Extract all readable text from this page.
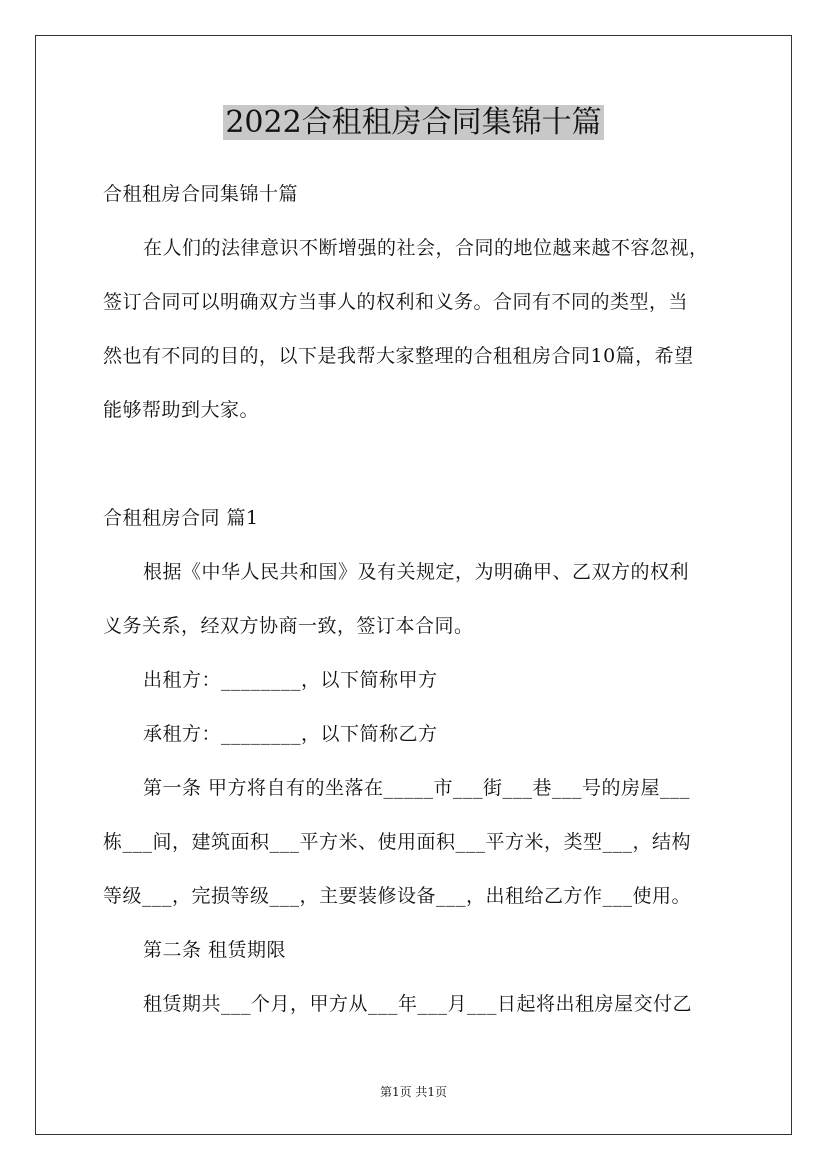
2022合租租房合同集锦十篇
合租租房合同集锦十篇
在人们的法律意识不断增强的社会，合同的地位越来越不容忽视，
签订合同可以明确双方当事人的权利和义务。合同有不同的类型，当
然也有不同的目的，以下是我帮大家整理的合租租房合同10篇，希望
能够帮助到大家。
合租租房合同 篇1
根据《中华人民共和国》及有关规定，为明确甲、乙双方的权利
义务关系，经双方协商一致，签订本合同。
出租方：________，以下简称甲方
承租方：________，以下简称乙方
第一条 甲方将自有的坐落在_____市___街___巷___号的房屋___
栋___间，建筑面积___平方米、使用面积___平方米，类型___，结构
等级___，完损等级___，主要装修设备___，出租给乙方作___使用。
第二条 租赁期限
租赁期共___个月，甲方从___年___月___日起将出租房屋交付乙
第1页 共1页
